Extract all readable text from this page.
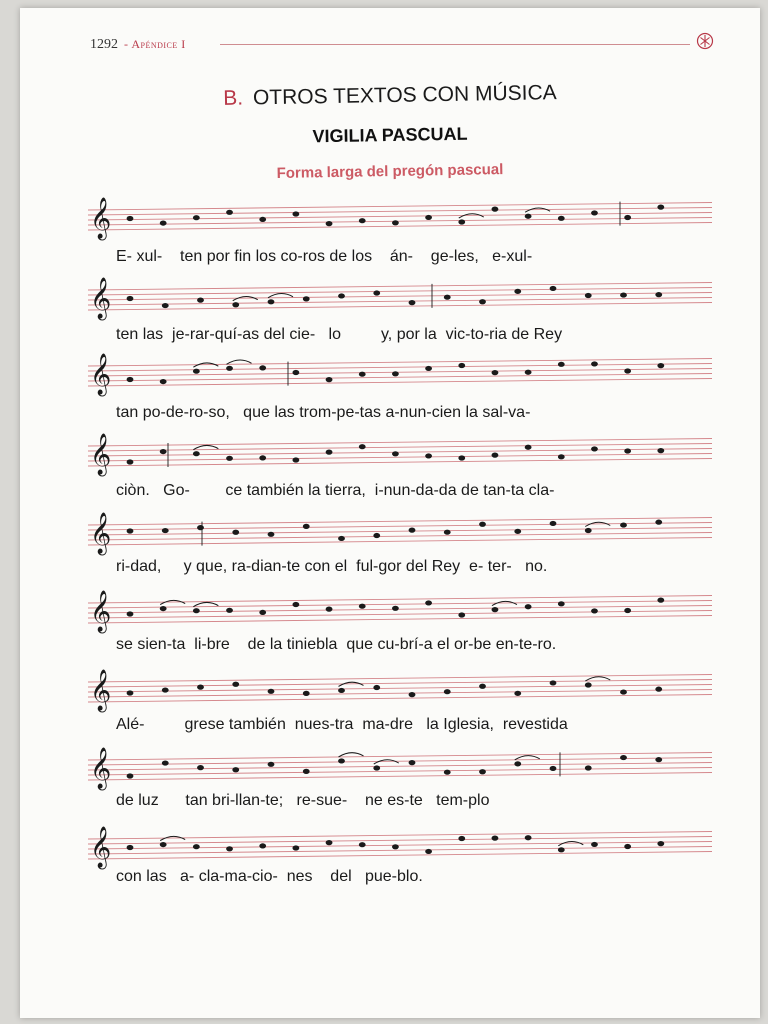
1292 - Apéndice I
B. OTROS TEXTOS CON MÚSICA
VIGILIA PASCUAL
Forma larga del pregón pascual
𝄞
𝄞
𝄞
𝄞
𝄞
𝄞
𝄞
𝄞
𝄞
E- xul-    ten por fin los co-ros de los    án-    ge-les,   e-xul-
ten las  je-rar-quí-as del cie-   lo         y, por la  vic-to-ria de Rey
tan po-de-ro-so,   que las trom-pe-tas a-nun-cien la sal-va-
ciòn.   Go-        ce también la tierra,  i-nun-da-da de tan-ta cla-
ri-dad,     y que, ra-dian-te con el  ful-gor del Rey  e- ter-   no.
se sien-ta  li-bre    de la tiniebla  que cu-brí-a el or-be en-te-ro.
Alé-         grese también  nues-tra  ma-dre   la Iglesia,  revestida
de luz      tan bri-llan-te;   re-sue-    ne es-te   tem-plo
con las   a- cla-ma-cio-  nes    del   pue-blo.
